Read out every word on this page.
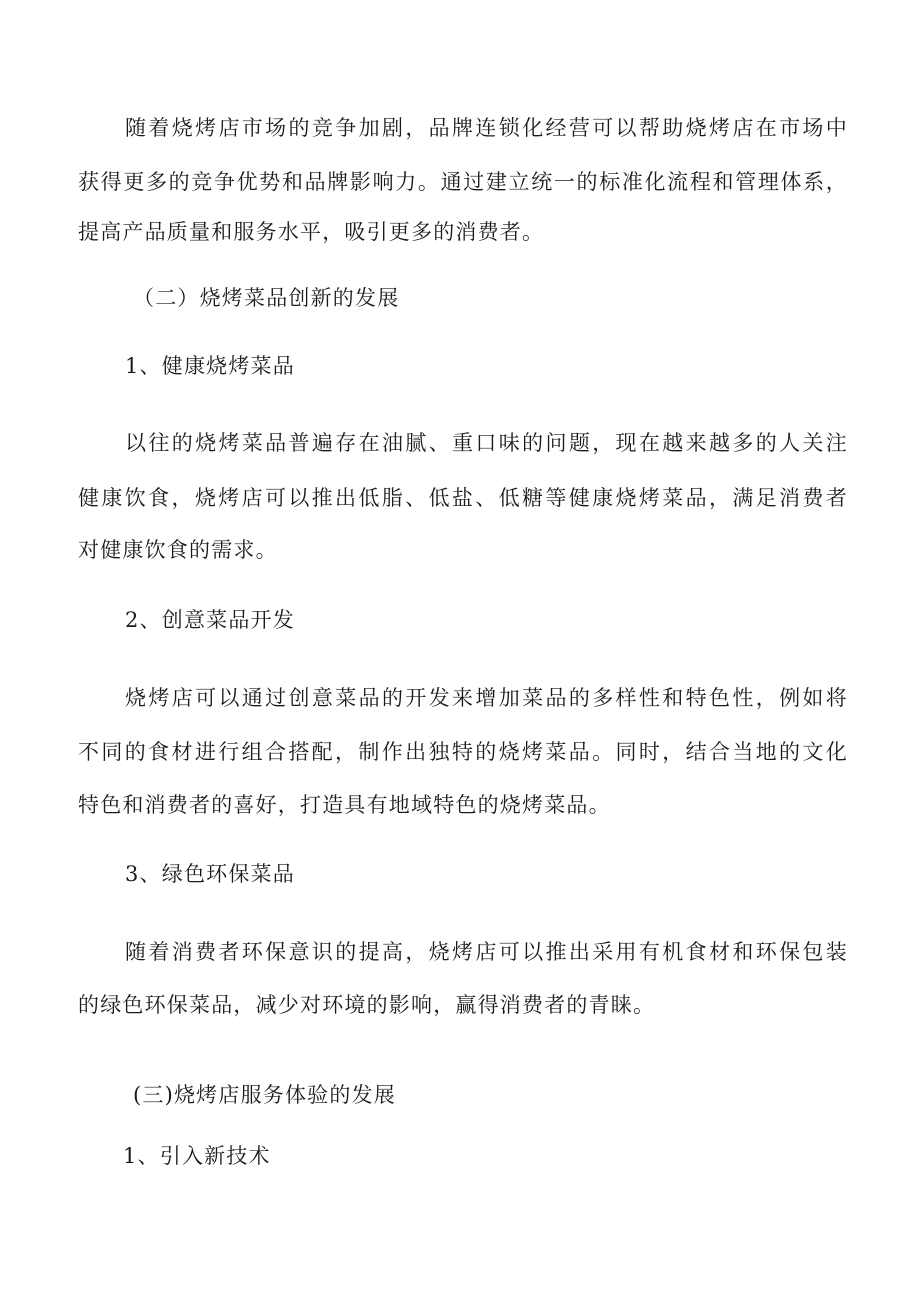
随着烧烤店市场的竞争加剧，品牌连锁化经营可以帮助烧烤店在市场中
获得更多的竞争优势和品牌影响力。通过建立统一的标准化流程和管理体系，
提高产品质量和服务水平，吸引更多的消费者。
（二）烧烤菜品创新的发展
1、健康烧烤菜品
以往的烧烤菜品普遍存在油腻、重口味的问题，现在越来越多的人关注
健康饮食，烧烤店可以推出低脂、低盐、低糖等健康烧烤菜品，满足消费者
对健康饮食的需求。
2、创意菜品开发
烧烤店可以通过创意菜品的开发来增加菜品的多样性和特色性，例如将
不同的食材进行组合搭配，制作出独特的烧烤菜品。同时，结合当地的文化
特色和消费者的喜好，打造具有地域特色的烧烤菜品。
3、绿色环保菜品
随着消费者环保意识的提高，烧烤店可以推出采用有机食材和环保包装
的绿色环保菜品，减少对环境的影响，赢得消费者的青睐。
(三)烧烤店服务体验的发展
1、引入新技术
